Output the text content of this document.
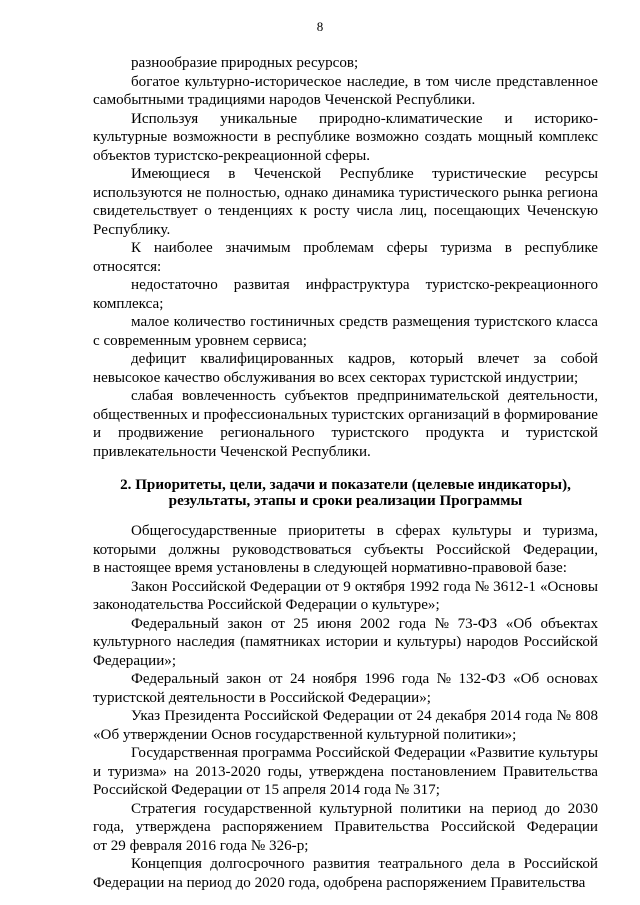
8
разнообразие природных ресурсов;
богатое культурно-историческое наследие, в том числе представленное
самобытными традициями народов Чеченской Республики.
Используя уникальные природно-климатические и историко-
культурные возможности в республике возможно создать мощный комплекс
объектов туристско-рекреационной сферы.
Имеющиеся в Чеченской Республике туристические ресурсы
используются не полностью, однако динамика туристического рынка региона
свидетельствует о тенденциях к росту числа лиц, посещающих Чеченскую
Республику.
К наиболее значимым проблемам сферы туризма в республике
относятся:
недостаточно развитая инфраструктура туристско-рекреационного
комплекса;
малое количество гостиничных средств размещения туристского класса
с современным уровнем сервиса;
дефицит квалифицированных кадров, который влечет за собой
невысокое качество обслуживания во всех секторах туристской индустрии;
слабая вовлеченность субъектов предпринимательской деятельности,
общественных и профессиональных туристских организаций в формирование
и продвижение регионального туристского продукта и туристской
привлекательности Чеченской Республики.
2. Приоритеты, цели, задачи и показатели (целевые индикаторы),
результаты, этапы и сроки реализации Программы
Общегосударственные приоритеты в сферах культуры и туризма,
которыми должны руководствоваться субъекты Российской Федерации,
в настоящее время установлены в следующей нормативно-правовой базе:
Закон Российской Федерации от 9 октября 1992 года № 3612-1 «Основы
законодательства Российской Федерации о культуре»;
Федеральный закон от 25 июня 2002 года № 73-ФЗ «Об объектах
культурного наследия (памятниках истории и культуры) народов Российской
Федерации»;
Федеральный закон от 24 ноября 1996 года № 132-ФЗ «Об основах
туристской деятельности в Российской Федерации»;
Указ Президента Российской Федерации от 24 декабря 2014 года № 808
«Об утверждении Основ государственной культурной политики»;
Государственная программа Российской Федерации «Развитие культуры
и туризма» на 2013-2020 годы, утверждена постановлением Правительства
Российской Федерации от 15 апреля 2014 года № 317;
Стратегия государственной культурной политики на период до 2030
года, утверждена распоряжением Правительства Российской Федерации
от 29 февраля 2016 года № 326-р;
Концепция долгосрочного развития театрального дела в Российской
Федерации на период до 2020 года, одобрена распоряжением Правительства
